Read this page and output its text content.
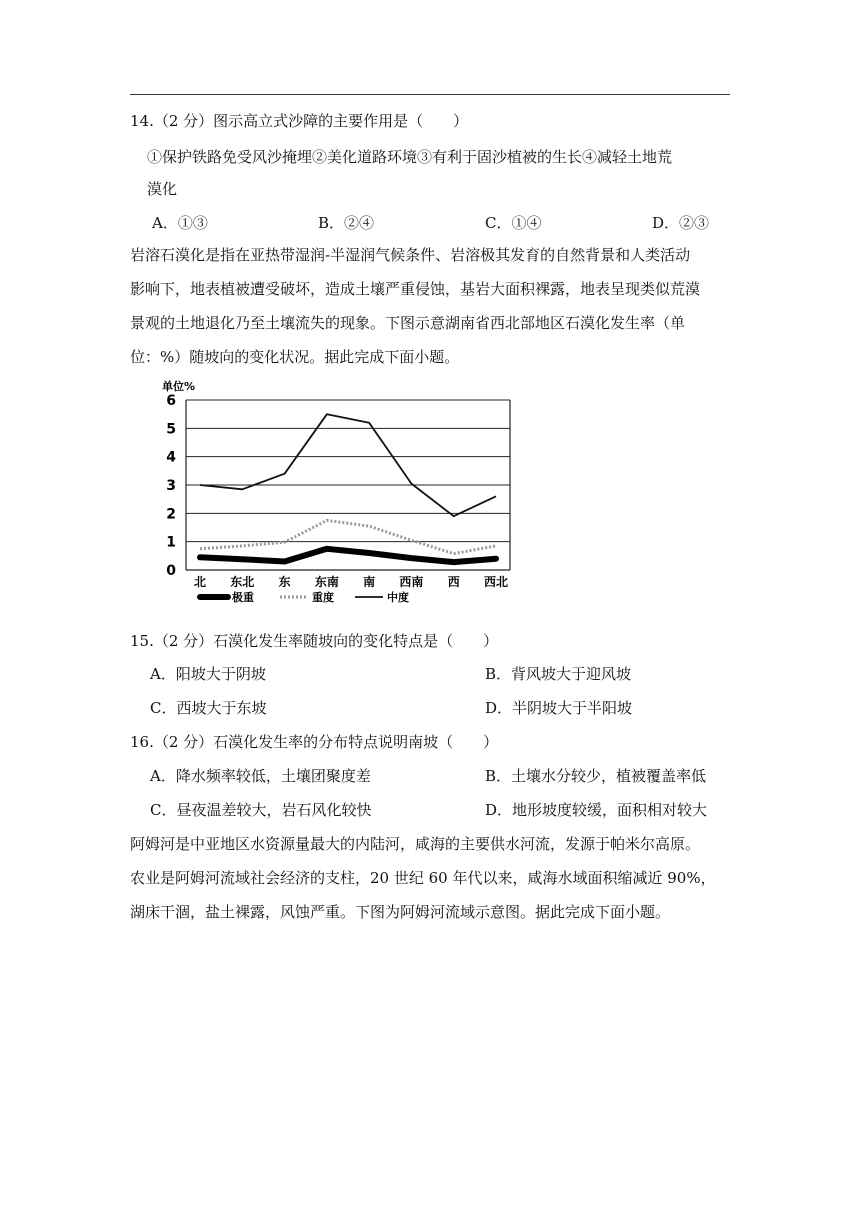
14.（2 分）图示高立式沙障的主要作用是（　　）
①保护铁路免受风沙掩埋②美化道路环境③有利于固沙植被的生长④减轻土地荒
漠化
A．①③	B．②④	C．①④	D．②③
岩溶石漠化是指在亚热带湿润-半湿润气候条件、岩溶极其发育的自然背景和人类活动
影响下，地表植被遭受破坏，造成土壤严重侵蚀，基岩大面积裸露，地表呈现类似荒漠
景观的土地退化乃至土壤流失的现象。下图示意湖南省西北部地区石漠化发生率（单
位：%）随坡向的变化状况。据此完成下面小题。
单位%
0
1
2
3
4
5
6
北 东北 东 东南 南 西南 西 西北
极重	重度	中度
15.（2 分）石漠化发生率随坡向的变化特点是（　　）
A．阳坡大于阴坡	B．背风坡大于迎风坡
C．西坡大于东坡	D．半阴坡大于半阳坡
16.（2 分）石漠化发生率的分布特点说明南坡（　　）
A．降水频率较低，土壤团聚度差	B．土壤水分较少，植被覆盖率低
C．昼夜温差较大，岩石风化较快	D．地形坡度较缓，面积相对较大
阿姆河是中亚地区水资源量最大的内陆河，咸海的主要供水河流，发源于帕米尔高原。
农业是阿姆河流域社会经济的支柱，20 世纪 60 年代以来，咸海水域面积缩减近 90%，
湖床干涸，盐土裸露，风蚀严重。下图为阿姆河流域示意图。据此完成下面小题。
